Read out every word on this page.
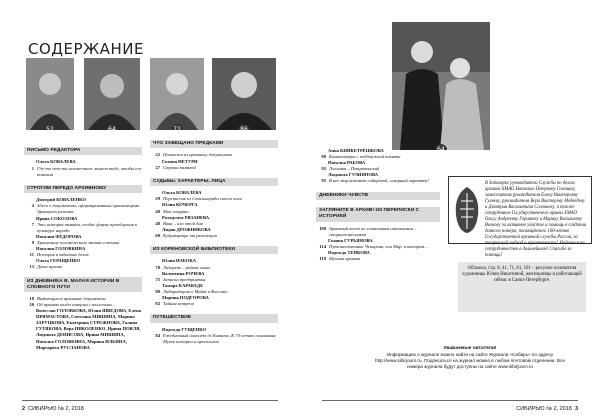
СОДЕРЖАНИЕ
52	64	72	86
ПИСЬМО РЕДАКТОРА
Ольга КОВАЛЕВА
1 Где-то что-то неизвестное живёт тебе, чтобы его помнили
СТРОГИМ ПЕРЕДО АРХИВНОМУ
Дмитрий КОВАЛЕНКО
4 Здесь о документах, сформированных хранилищами Архивного региона
Ирина СОКОЛОВА
7 Это история памяти, особое форме приобщения к культуре народа
Наталия ФЁДОРОВА
9 Хранилище человеческого знания и опыта
Наталия ГОЛОВКИНА
11 История в забытых делах
Ольга ГЕРАЩЕНКО
13 Душа архива
ИЗ ДНЕВНИКА В. МАЛАЯ ИСТОРИИ В СЛОВНОГО ПУТИ
18 Выдающиеся архивные документы
20 Об архивах когда говорим с коллегами…
Вячеслав ГОЛОВКОВА, Юлия ШВЕДОВА, Елена ПРЯМАСТОВА, Светлана МИШИНА, Марина ЗАРУЦКОВА, Екатерина СТРЕЖНОВА, Галина ГУТЯКОВА, Вера НИКОЛЕНКО, Ирина ПОЯЛЯ, Людмила ДЕНИСОВА, Ирина МИШИНА, Наталья ГОЛОВКИНА, Марина ИЛЬИНА, Маргарита РУСЛАНОВА
ЧТО ЗАВЕЩАНО ПРЕДКАМИ
22 Ценности из архивных документов
Галина НЕТУРИ
27 Строки памяти!
СУДЬБЫ. ХАРАКТЕРЫ. ЛИЦА
Ольга КОВАЛЁВА
29 Переписчик из Сталинграда своего кола
Юлия КОЧЕРГА
40 Мои самураи
Рольдгита РЯЗАНЕВА
48 Вика – или чтой дня
Лидия ДРОЖНИКОВА
60 Кудрявцевцы от революции
ИЗ КОРЕНОВСКОЙ БИБЛИОТЕКИ
Юлия НАБОКА
70 Лазарево – родное наше
Валентина РОЧЕВА
75 Записки предприятия
Тамара КАРАВАДЕ
80 Лаборатория о Майке в Кассино
Марина ПОДГОРОВА
82 Тайная встреча
ПУТЕШЕСТВИЕ
Надежда ГУЩЕНКО
84 Ежедневный самолёт до Кавказа. К 70-летию основания Музея истории и археологии
2 СИБИРЬЮ № 2, 2018
64
Анна КИЙКЕТРЁШКОВА
90 Компьютеры с поддержкой памяти
Наталья РАБОВА
92 Логошка – Петровенский
Людмила ГУЛИЯНОВА
95 В нее мир встанет сибирской, северный характер!
ДНЕВНИКИ ЧУВСТВ
ЗАГЛЯНИТЕ В АРХИВ! ИЗ ПЕРЕПИСКИ С ИСТОРИЕЙ
108 Архивный тест по сочинениям школьников – старшеклассников
Галина ГУРЬЯНОВА
114 Путешественник Чекарова, или Мир, в котором…
Надежда ТЕНКОВА
119 Музыка архивов
В Заполярье руководители Службы по делам архивов ХМАО Наталью Петровну Головину, заместителя руководителя Елену Викторовну Гуляеву, руководителя Вера Викторову Медведеву и Дмитрия Васильевича Соловьеву, а также сотрудников Государственного архива ХМАО Ольгу Андреевну Горшкову и Марину Васильевну Волкову за активное участие и помощь в создании данного номера, посвящённого 100-летию Государственной архивной службы России, за творческий подход и креативность! Надеемся на сотрудничество в дальнейшем! Спасибо за помощь!
Обложка, стр. 8, 41, 71, 81, 101 – рисунки основателя художницы Юлии Никитиной, жительницы и работающей сейчас в Санкт-Петербурге.
СИБИРЬЮ № 2, 2018 3
Уважаемые читатели!
Информацию о журнале можно найти на сайте Журнала «Сибирь» по адресу http://www.sibirjourn.ru. Подписаться на журнал можно в любом почтовом отделении. Все номера журнала будут доступны на сайте www.sibirjourn.ru
